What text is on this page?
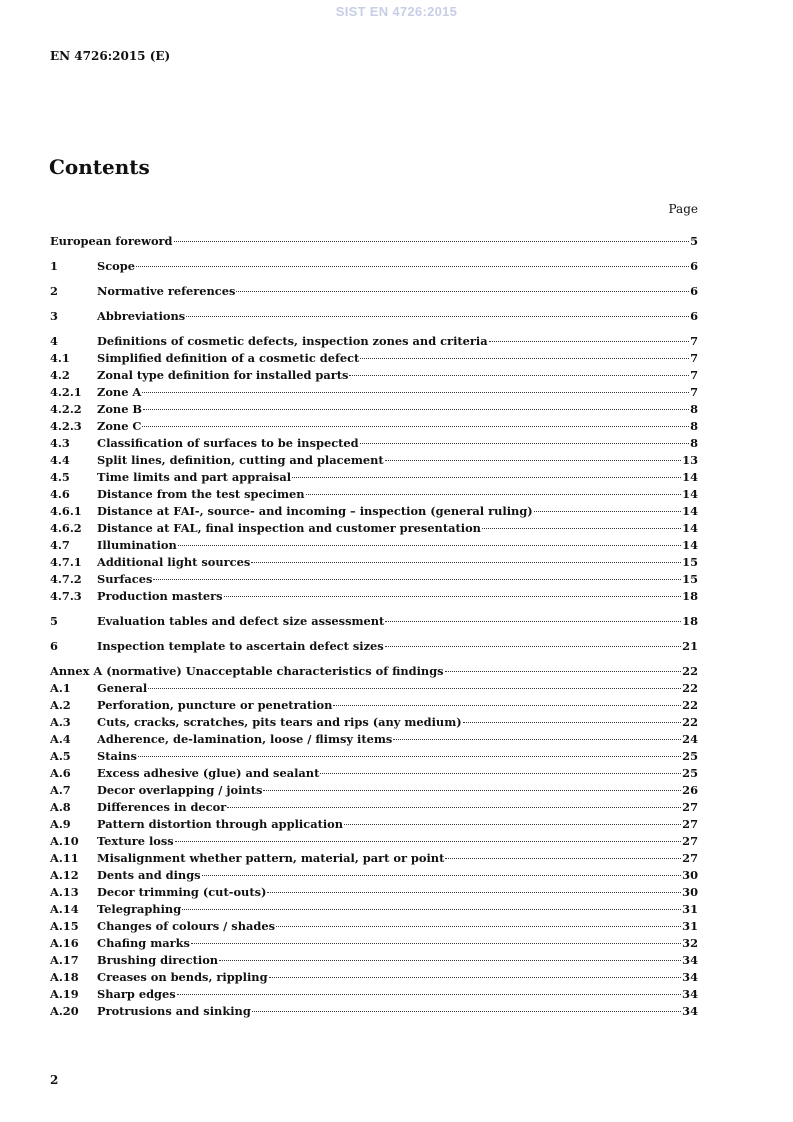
SIST EN 4726:2015
EN 4726:2015 (E)
Contents
Page
European foreword	5
1	Scope	6
2	Normative references	6
3	Abbreviations	6
4	Definitions of cosmetic defects, inspection zones and criteria	7
4.1	Simplified definition of a cosmetic defect	7
4.2	Zonal type definition for installed parts	7
4.2.1	Zone A	7
4.2.2	Zone B	8
4.2.3	Zone C	8
4.3	Classification of surfaces to be inspected	8
4.4	Split lines, definition, cutting and placement	13
4.5	Time limits and part appraisal	14
4.6	Distance from the test specimen	14
4.6.1	Distance at FAI-, source- and incoming – inspection (general ruling)	14
4.6.2	Distance at FAL, final inspection and customer presentation	14
4.7	Illumination	14
4.7.1	Additional light sources	15
4.7.2	Surfaces	15
4.7.3	Production masters	18
5	Evaluation tables and defect size assessment	18
6	Inspection template to ascertain defect sizes	21
Annex A (normative) Unacceptable characteristics of findings	22
A.1	General	22
A.2	Perforation, puncture or penetration	22
A.3	Cuts, cracks, scratches, pits tears and rips (any medium)	22
A.4	Adherence, de-lamination, loose / flimsy items	24
A.5	Stains	25
A.6	Excess adhesive (glue) and sealant	25
A.7	Decor overlapping / joints	26
A.8	Differences in decor	27
A.9	Pattern distortion through application	27
A.10	Texture loss	27
A.11	Misalignment whether pattern, material, part or point	27
A.12	Dents and dings	30
A.13	Decor trimming (cut-outs)	30
A.14	Telegraphing	31
A.15	Changes of colours / shades	31
A.16	Chafing marks	32
A.17	Brushing direction	34
A.18	Creases on bends, rippling	34
A.19	Sharp edges	34
A.20	Protrusions and sinking	34
2
